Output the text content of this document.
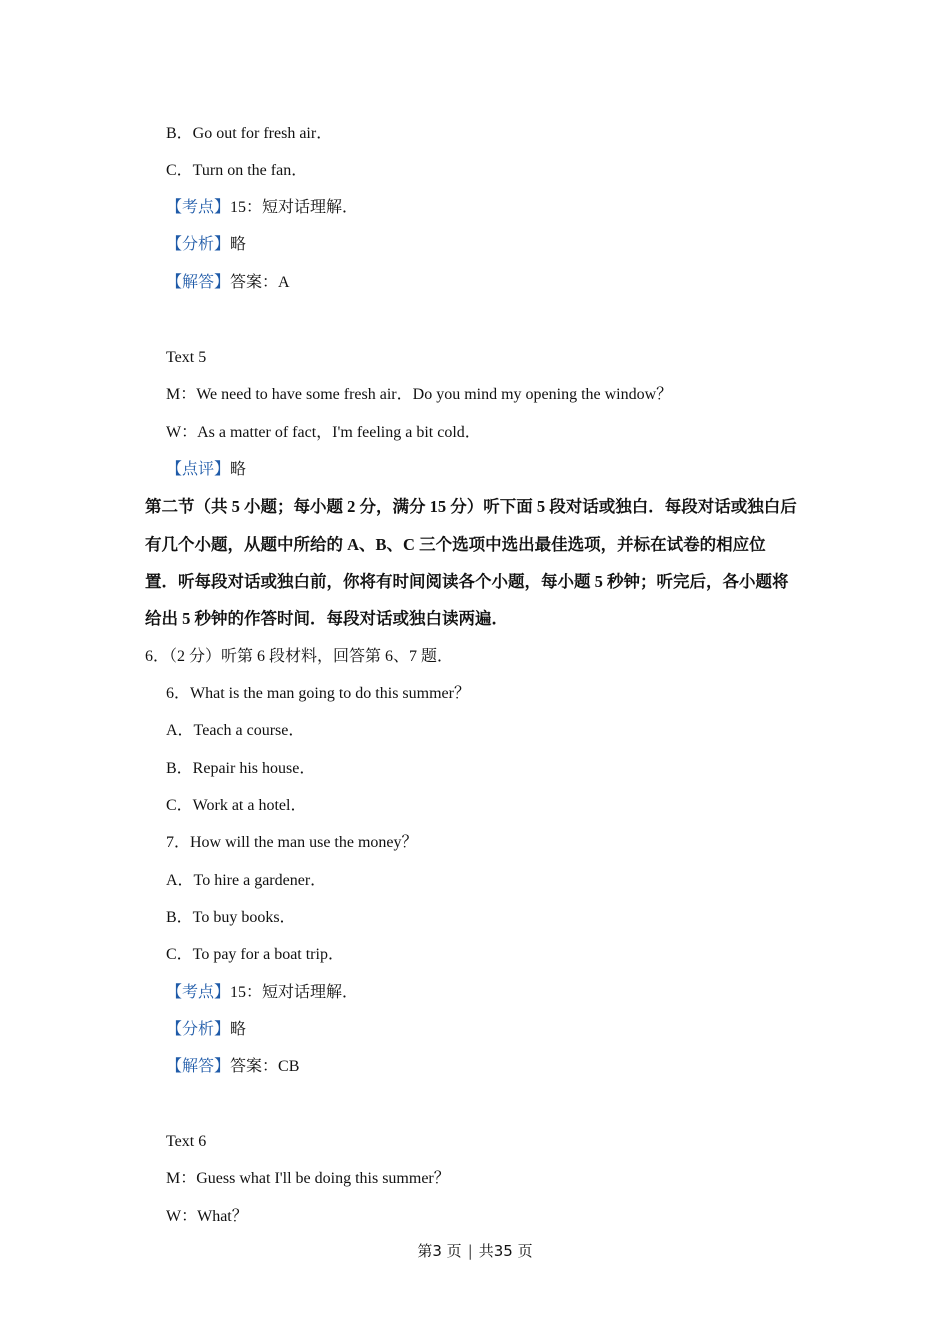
B．Go out for fresh air．
C．Turn on the fan．
【考点】15：短对话理解．
【分析】略
【解答】答案：A
Text 5
M：We need to have some fresh air．Do you mind my opening the window？
W：As a matter of fact，I'm feeling a bit cold．
【点评】略
第二节（共 5 小题；每小题 2 分，满分 15 分）听下面 5 段对话或独白．每段对话或独白后
有几个小题，从题中所给的 A、B、C 三个选项中选出最佳选项，并标在试卷的相应位
置．听每段对话或独白前，你将有时间阅读各个小题，每小题 5 秒钟；听完后，各小题将
给出 5 秒钟的作答时间．每段对话或独白读两遍．
6．（2 分）听第 6 段材料，回答第 6、7 题．
6．What is the man going to do this summer？
A．Teach a course．
B．Repair his house．
C．Work at a hotel．
7．How will the man use the money？
A．To hire a gardener．
B．To buy books．
C．To pay for a boat trip．
【考点】15：短对话理解．
【分析】略
【解答】答案：CB
Text 6
M：Guess what I'll be doing this summer？
W：What？
第3 页 | 共35 页
